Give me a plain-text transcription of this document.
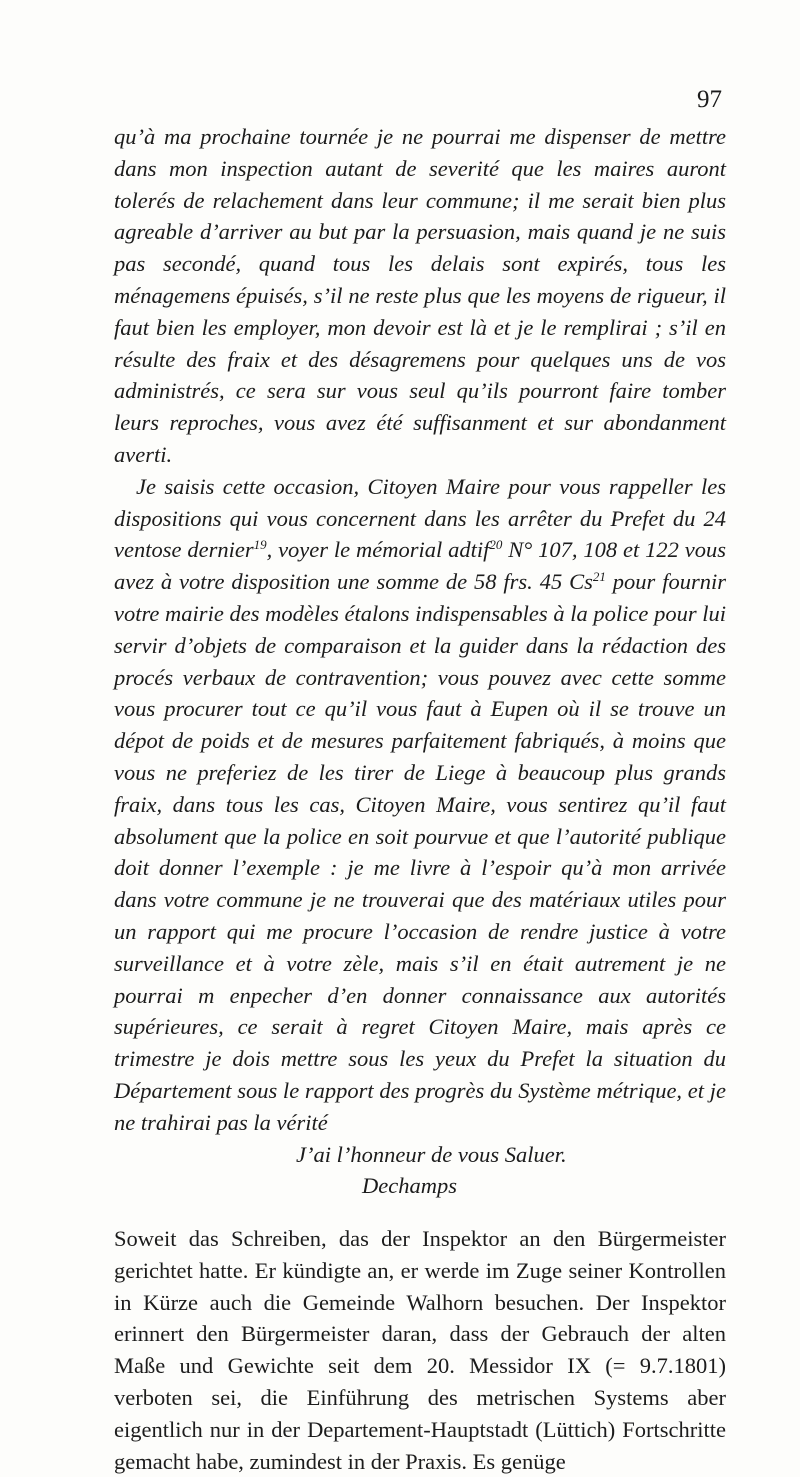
97

qu’à ma prochaine tournée je ne pourrai me dispenser de mettre dans mon inspection autant de severité que les maires auront tolerés de relachement dans leur commune; il me serait bien plus agreable d’arriver au but par la persuasion, mais quand je ne suis pas secondé, quand tous les delais sont expirés, tous les ménagemens épuisés, s’il ne reste plus que les moyens de rigueur, il faut bien les employer, mon devoir est là et je le remplirai ; s’il en résulte des fraix et des désagremens pour quelques uns de vos administrés, ce sera sur vous seul qu’ils pourront faire tomber leurs reproches, vous avez été suffisanment et sur abondanment averti.

Je saisis cette occasion, Citoyen Maire pour vous rappeller les dispositions qui vous concernent dans les arrêter du Prefet du 24 ventose dernier$^{19}$, voyer le mémorial adtif$^{20}$ N° 107, 108 et 122 vous avez à votre disposition une somme de 58 frs. 45 Cs$^{21}$ pour fournir votre mairie des modèles étalons indispensables à la police pour lui servir d’objets de comparaison et la guider dans la rédaction des procés verbaux de contravention; vous pouvez avec cette somme vous procurer tout ce qu’il vous faut à Eupen où il se trouve un dépot de poids et de mesures parfaitement fabriqués, à moins que vous ne preferiez de les tirer de Liege à beaucoup plus grands fraix, dans tous les cas, Citoyen Maire, vous sentirez qu’il faut absolument que la police en soit pourvue et que l’autorité publique doit donner l’exemple : je me livre à l’espoir qu’à mon arrivée dans votre commune je ne trouverai que des matériaux utiles pour un rapport qui me procure l’occasion de rendre justice à votre surveillance et à votre zèle, mais s’il en était autrement je ne pourrai m enpecher d’en donner connaissance aux autorités supérieures, ce serait à regret Citoyen Maire, mais après ce trimestre je dois mettre sous les yeux du Prefet la situation du Département sous le rapport des progrès du Système métrique, et je ne trahirai pas la vérité

J’ai l’honneur de vous Saluer.
Dechamps

Soweit das Schreiben, das der Inspektor an den Bürgermeister gerichtet hatte. Er kündigte an, er werde im Zuge seiner Kontrollen in Kürze auch die Gemeinde Walhorn besuchen. Der Inspektor erinnert den Bürgermeister daran, dass der Gebrauch der alten Maße und Gewichte seit dem 20. Messidor IX (= 9.7.1801) verboten sei, die Einführung des metrischen Systems aber eigentlich nur in der Departement-Hauptstadt (Lüttich) Fortschritte gemacht habe, zumindest in der Praxis. Es genüge
